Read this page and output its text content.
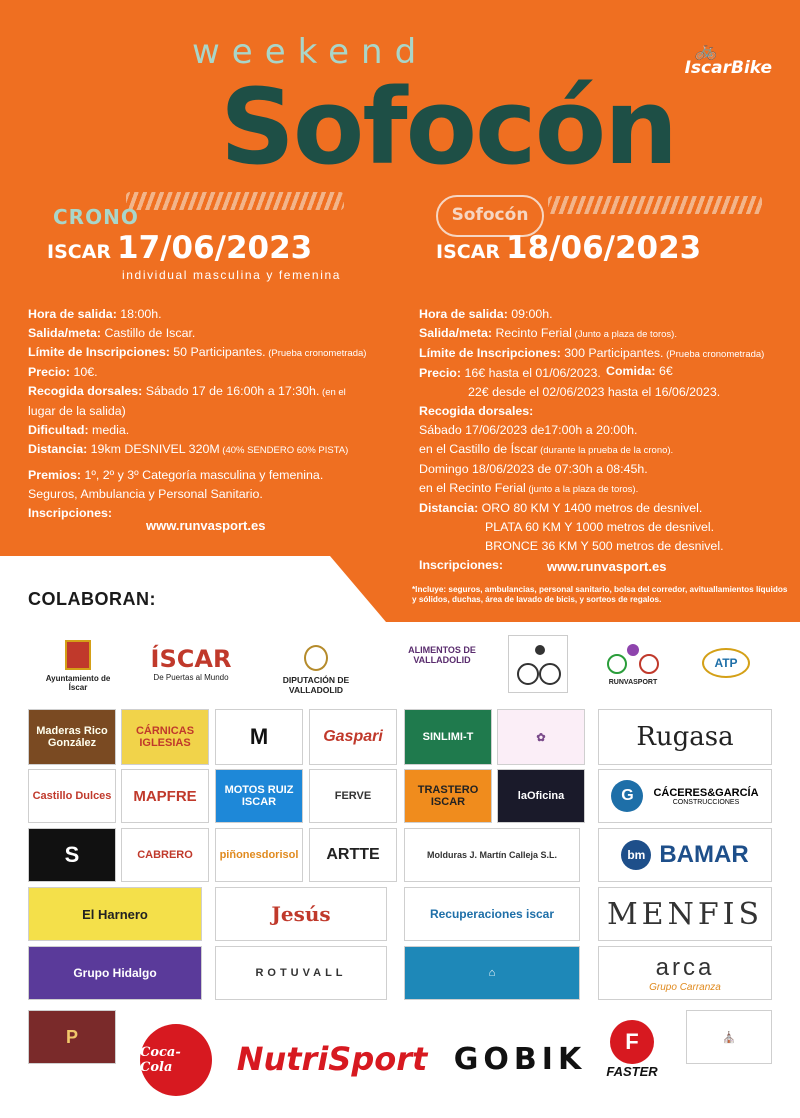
weekend
Sofocón
🚲
IscarBike
CRONO
ISCAR 17/06/2023
individual masculina y femenina
Sofocón
ISCAR 18/06/2023
Hora de salida: 18:00h.
Salida/meta: Castillo de Iscar.
Límite de Inscripciones: 50 Participantes. (Prueba cronometrada)
Precio: 10€.
Recogida dorsales: Sábado 17 de 16:00h a 17:30h. (en el
lugar de la salida)
Dificultad: media.
Distancia: 19km DESNIVEL 320M (40% SENDERO 60% PISTA)
Premios: 1º, 2º y 3º Categoría masculina y femenina.
Seguros, Ambulancia y Personal Sanitario.
Inscripciones:
www.runvasport.es
Hora de salida: 09:00h.
Salida/meta: Recinto Ferial (Junto a plaza de toros).
Límite de Inscripciones: 300 Participantes. (Prueba cronometrada)
Precio: 16€ hasta el 01/06/2023.
22€ desde el 02/06/2023 hasta el 16/06/2023.
Recogida dorsales:
Sábado 17/06/2023 de17:00h a 20:00h.
en el Castillo de Íscar (durante la prueba de la crono).
Domingo 18/06/2023 de 07:30h a 08:45h.
en el Recinto Ferial (junto a la plaza de toros).
Distancia: ORO 80 KM Y 1400 metros de desnivel.
PLATA 60 KM Y 1000 metros de desnivel.
BRONCE 36 KM Y 500 metros de desnivel.
Inscripciones:
Comida: 6€
www.runvasport.es
COLABORAN:	*Incluye: seguros, ambulancias, personal sanitario, bolsa del corredor, avituallamientos líquidos y sólidos, duchas, área de lavado de bicis, y sorteos de regalos.
Ayuntamiento de Íscar
ÍSCAR
De Puertas al Mundo	DIPUTACIÓN DE VALLADOLID
ALIMENTOS DE VALLADOLID
RUNVASPORT
ATP
Maderas Rico González
CÁRNICAS IGLESIAS	M	Gaspari	SINLIMI-T	✿	Rugasa
Castillo Dulces	MAPFRE	MOTOS RUIZ ISCAR	FERVE	TRASTERO ISCAR	laOficina	G	CÁCERES&GARCÍA
CONSTRUCCIONES
S	CABRERO	piñonesdorisol	ARTTE	Molduras J. Martín Calleja S.L.	bm BAMAR
El Harnero	Jesús	Recuperaciones iscar	MENFIS
Grupo Hidalgo	ROTUVALL	⌂	arca
Grupo Carranza
P
Coca-Cola	NutriSport GOBIK	F
FASTER
⛪
